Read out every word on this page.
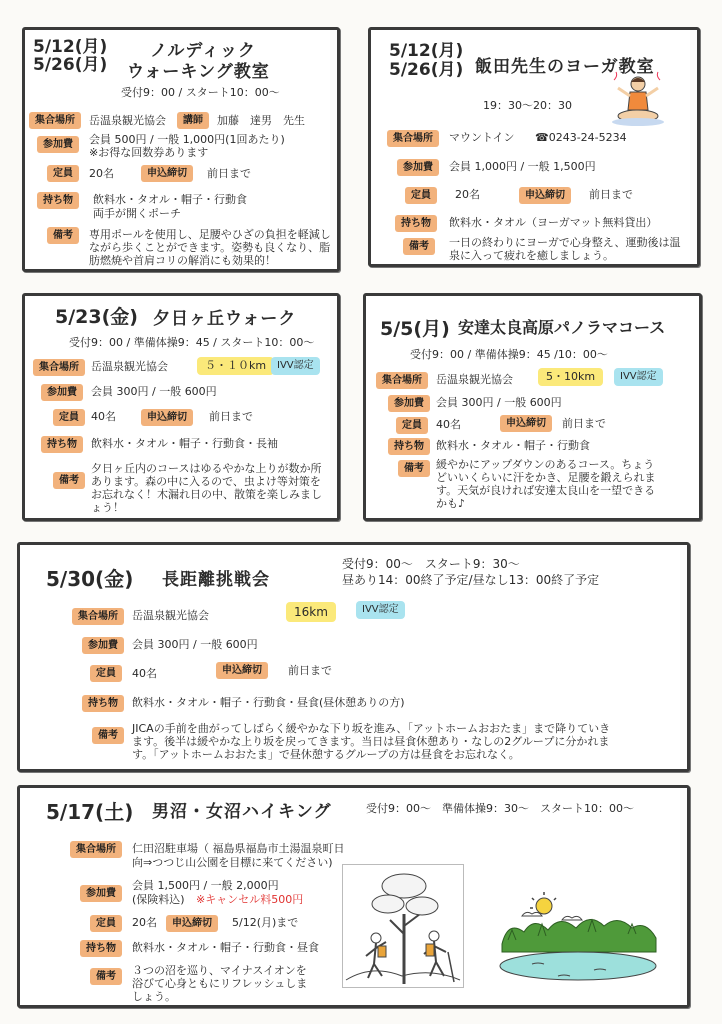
5/12(月)
5/26(月)
ノルディック
ウォーキング教室
受付9：00 / スタート10：00～
集合場所	岳温泉観光協会	講師	加藤　達男　先生
参加費	会員 500円 / 一般 1,000円(1回あたり)
※お得な回数券あります
定員	20名	申込締切	前日まで
持ち物	飲料水・タオル・帽子・行動食
両手が開くポーチ
備考	専用ポールを使用し、足腰やひざの負担を軽減しながら歩くことができます。姿勢も良くなり、脂肪燃焼や首肩コリの解消にも効果的！
5/12(月)
5/26(月) 飯田先生のヨーガ教室
19：30～20：30
集合場所	マウントイン ☎0243-24-5234
参加費	会員 1,000円 / 一般 1,500円
定員	20名	申込締切	前日まで
持ち物	飲料水・タオル（ヨーガマット無料貸出）
備考	一日の終わりにヨーガで心身整え、運動後は温泉に入って疲れを癒しましょう。
5/23(金) 夕日ヶ丘ウォーク
受付9：00 / 準備体操9：45 / スタート10：00～
集合場所	岳温泉観光協会	５・１０km	IVV認定
参加費	会員 300円 / 一般 600円
定員	40名	申込締切	前日まで
持ち物	飲料水・タオル・帽子・行動食・長袖
備考
夕日ヶ丘内のコースはゆるやかな上りが数か所あります。森の中に入るので、虫よけ等対策をお忘れなく！木漏れ日の中、散策を楽しみましょう！
5/5(月) 安達太良高原パノラマコース
受付9：00 / 準備体操9：45 /10：00～
集合場所	岳温泉観光協会	5・10km	IVV認定
参加費	会員 300円 / 一般 600円
定員	40名	申込締切	前日まで
持ち物	飲料水・タオル・帽子・行動食
備考	緩やかにアップダウンのあるコース。ちょうどいいくらいに汗をかき、足腰を鍛えられます。天気が良ければ安達太良山を一望できるかも♪
5/30(金) 長距離挑戦会
受付9：00～　スタート9：30～
昼あり14：00終了予定/昼なし13：00終了予定
集合場所	岳温泉観光協会	16km	IVV認定
参加費	会員 300円 / 一般 600円
定員	40名	申込締切	前日まで
持ち物	飲料水・タオル・帽子・行動食・昼食(昼休憩ありの方)
備考
JICAの手前を曲がってしばらく緩やかな下り坂を進み、「アットホームおおたま」まで降りていきます。後半は緩やかな上り坂を戻ってきます。当日は昼食休憩あり・なしの2グループに分かれます。「アットホームおおたま」で昼休憩するグループの方は昼食をお忘れなく。
5/17(土) 男沼・女沼ハイキング	受付9：00～　準備体操9：30～　スタート10：00～
集合場所	仁田沼駐車場（ 福島県福島市土湯温泉町日
向⇒つつじ山公園を目標に来てください)
参加費
会員 1,500円 / 一般 2,000円
(保険料込) ※キャンセル料500円
定員	20名	申込締切	5/12(月)まで
持ち物	飲料水・タオル・帽子・行動食・昼食
備考	３つの沼を巡り、マイナスイオンを浴びて心身ともにリフレッシュしましょう。
